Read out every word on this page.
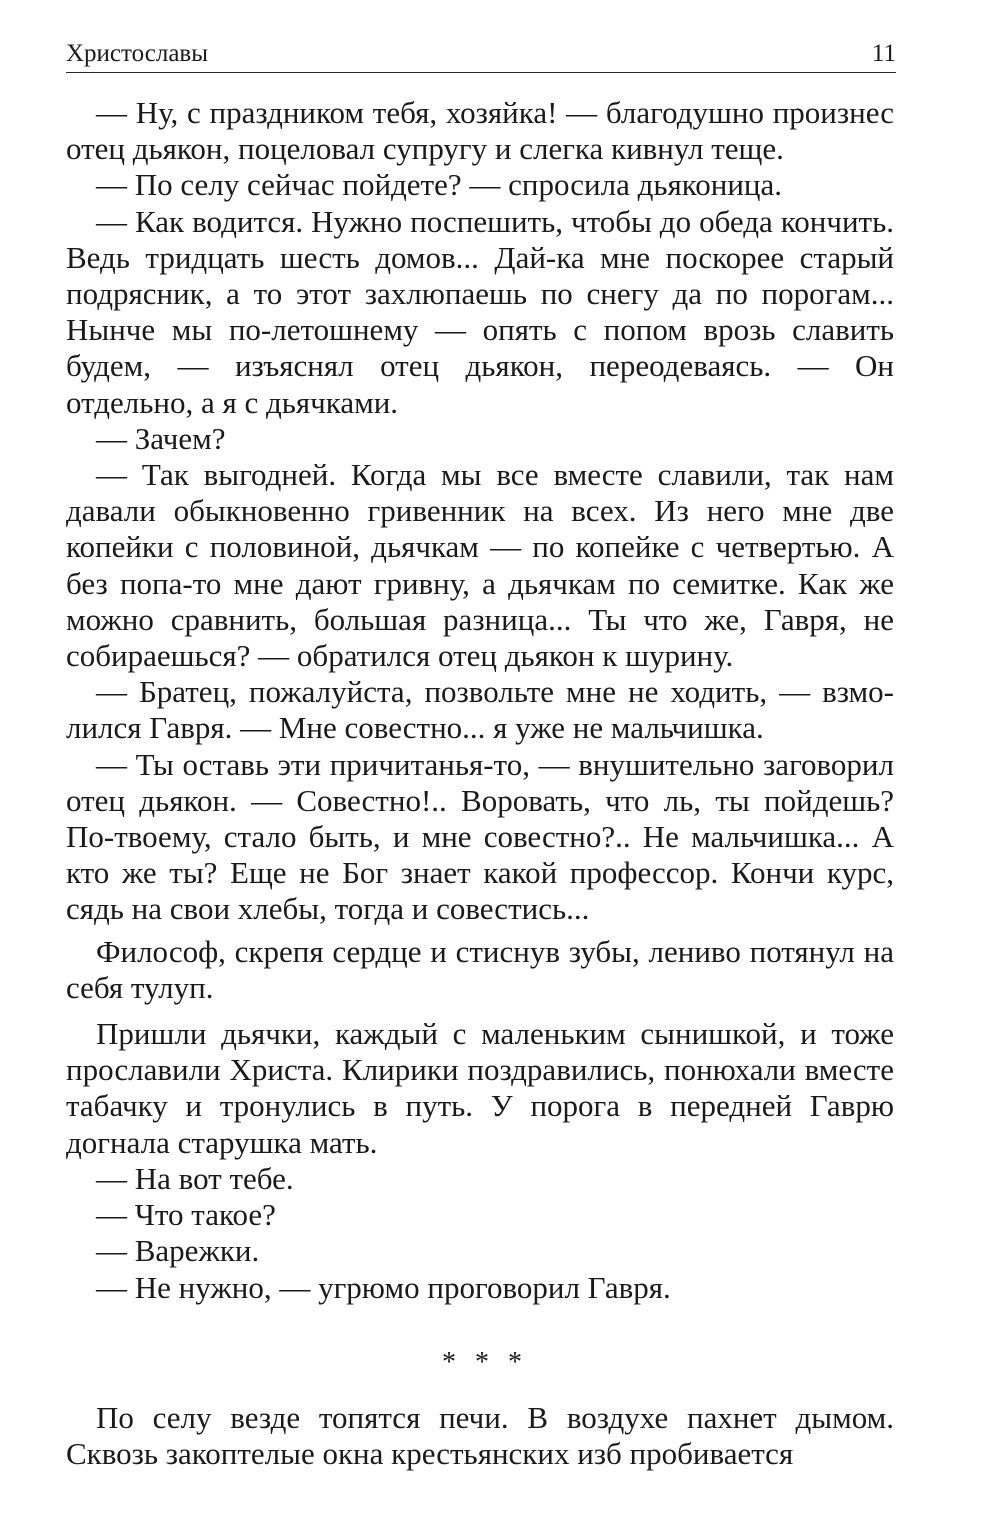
Христославы	11

— Ну, с праздником тебя, хозяйка! — благодушно произнес отец дьякон, поцеловал супругу и слегка кивнул теще.

— По селу сейчас пойдете? — спросила дьяконица.

— Как водится. Нужно поспешить, чтобы до обеда кончить. Ведь тридцать шесть домов... Дай-ка мне поскорее старый подрясник, а то этот захлюпаешь по снегу да по порогам... Нынче мы по-летошнему — опять с попом врозь славить будем, — изъяснял отец дьякон, переодеваясь. — Он отдельно, а я с дьячками.

— Зачем?

— Так выгодней. Когда мы все вместе славили, так нам давали обыкновенно гривенник на всех. Из него мне две копейки с половиной, дьячкам — по копейке с четвертью. А без попа-то мне дают гривну, а дьячкам по семитке. Как же можно сравнить, большая разница... Ты что же, Гавря, не собираешься? — обратился отец дьякон к шурину.

— Братец, пожалуйста, позвольте мне не ходить, — взмолился Гавря. — Мне совестно... я уже не мальчишка.

— Ты оставь эти причитанья-то, — внушительно заговорил отец дьякон. — Совестно!.. Воровать, что ль, ты пойдешь? По-твоему, стало быть, и мне совестно?.. Не мальчишка... А кто же ты? Еще не Бог знает какой профессор. Кончи курс, сядь на свои хлебы, тогда и совестись...

Философ, скрепя сердце и стиснув зубы, лениво потянул на себя тулуп.

Пришли дьячки, каждый с маленьким сынишкой, и тоже прославили Христа. Клирики поздравились, понюхали вместе табачку и тронулись в путь. У порога в передней Гаврю догнала старушка мать.

— На вот тебе.

— Что такое?

— Варежки.

— Не нужно, — угрюмо проговорил Гавря.

* * *

По селу везде топятся печи. В воздухе пахнет дымом. Сквозь закоптелые окна крестьянских изб пробивается
